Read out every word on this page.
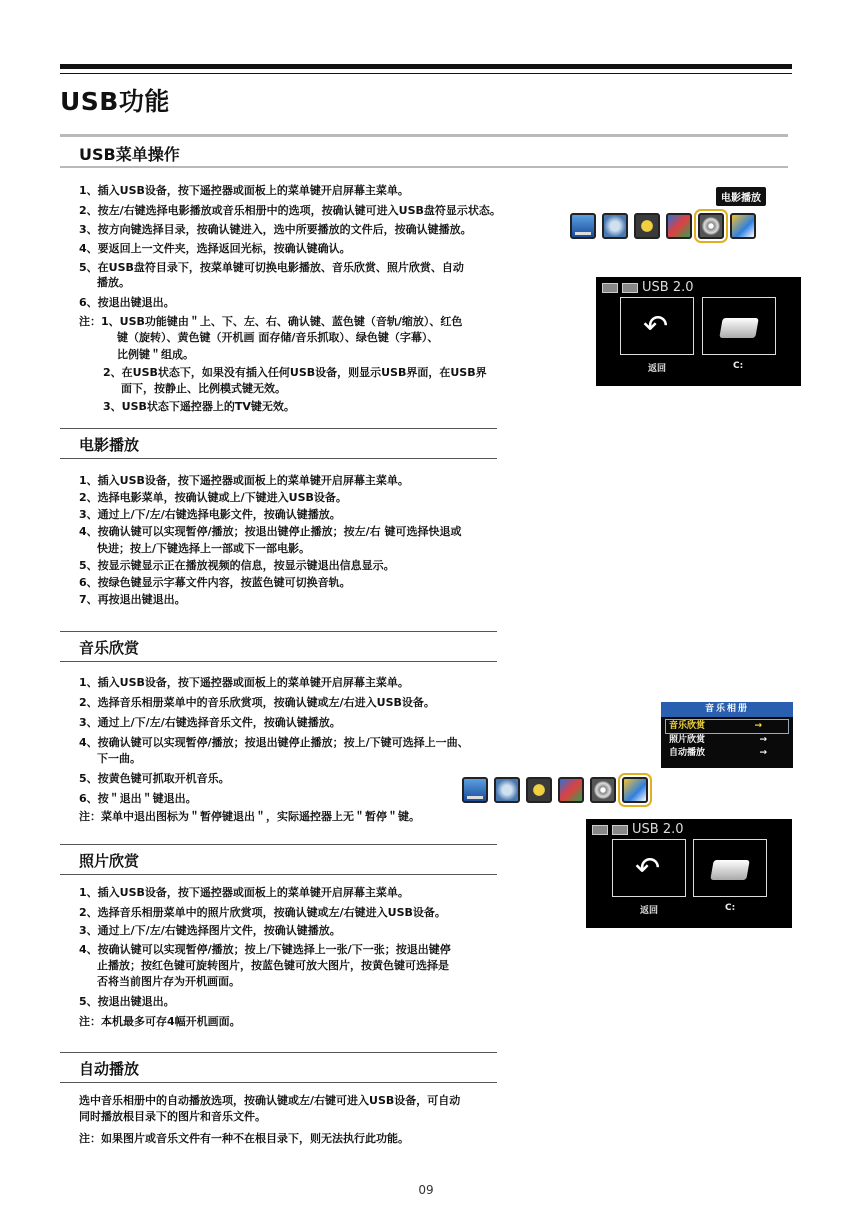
USB功能
USB菜单操作
1、插入USB设备，按下遥控器或面板上的菜单键开启屏幕主菜单。
2、按左/右键选择电影播放或音乐相册中的选项，按确认键可进入USB盘符显示状态。
3、按方向键选择目录，按确认键进入，选中所要播放的文件后，按确认键播放。
4、要返回上一文件夹，选择返回光标，按确认键确认。
5、在USB盘符目录下，按菜单键可切换电影播放、音乐欣赏、照片欣赏、自动
播放。
6、按退出键退出。
注：1、USB功能键由＂上、下、左、右、确认键、蓝色键（音轨/缩放）、红色
键（旋转）、黄色键（开机画 面存储/音乐抓取）、绿色键（字幕）、
比例键＂组成。
2、在USB状态下，如果没有插入任何USB设备，则显示USB界面，在USB界
面下，按静止、比例模式键无效。
3、USB状态下遥控器上的TV键无效。
电影播放
1、插入USB设备，按下遥控器或面板上的菜单键开启屏幕主菜单。
2、选择电影菜单，按确认键或上/下键进入USB设备。
3、通过上/下/左/右键选择电影文件，按确认键播放。
4、按确认键可以实现暂停/播放；按退出键停止播放；按左/右 键可选择快退或
快进；按上/下键选择上一部或下一部电影。
5、按显示键显示正在播放视频的信息，按显示键退出信息显示。
6、按绿色键显示字幕文件内容，按蓝色键可切换音轨。
7、再按退出键退出。
音乐欣赏
1、插入USB设备，按下遥控器或面板上的菜单键开启屏幕主菜单。
2、选择音乐相册菜单中的音乐欣赏项，按确认键或左/右进入USB设备。
3、通过上/下/左/右键选择音乐文件，按确认键播放。
4、按确认键可以实现暂停/播放；按退出键停止播放；按上/下键可选择上一曲、
下一曲。
5、按黄色键可抓取开机音乐。
6、按＂退出＂键退出。
注：菜单中退出图标为＂暂停键退出＂，实际遥控器上无＂暂停＂键。
照片欣赏
1、插入USB设备，按下遥控器或面板上的菜单键开启屏幕主菜单。
2、选择音乐相册菜单中的照片欣赏项，按确认键或左/右键进入USB设备。
3、通过上/下/左/右键选择图片文件，按确认键播放。
4、按确认键可以实现暂停/播放；按上/下键选择上一张/下一张；按退出键停
止播放；按红色键可旋转图片，按蓝色键可放大图片，按黄色键可选择是
否将当前图片存为开机画面。
5、按退出键退出。
注：本机最多可存4幅开机画面。
自动播放
选中音乐相册中的自动播放选项，按确认键或左/右键可进入USB设备，可自动
同时播放根目录下的图片和音乐文件。
注：如果图片或音乐文件有一种不在根目录下，则无法执行此功能。
电影播放
USB 2.0
↶
返回	C:
音乐相册
音乐欣赏	→
照片欣赏	→
自动播放	→
USB 2.0
↶
返回	C:
09
